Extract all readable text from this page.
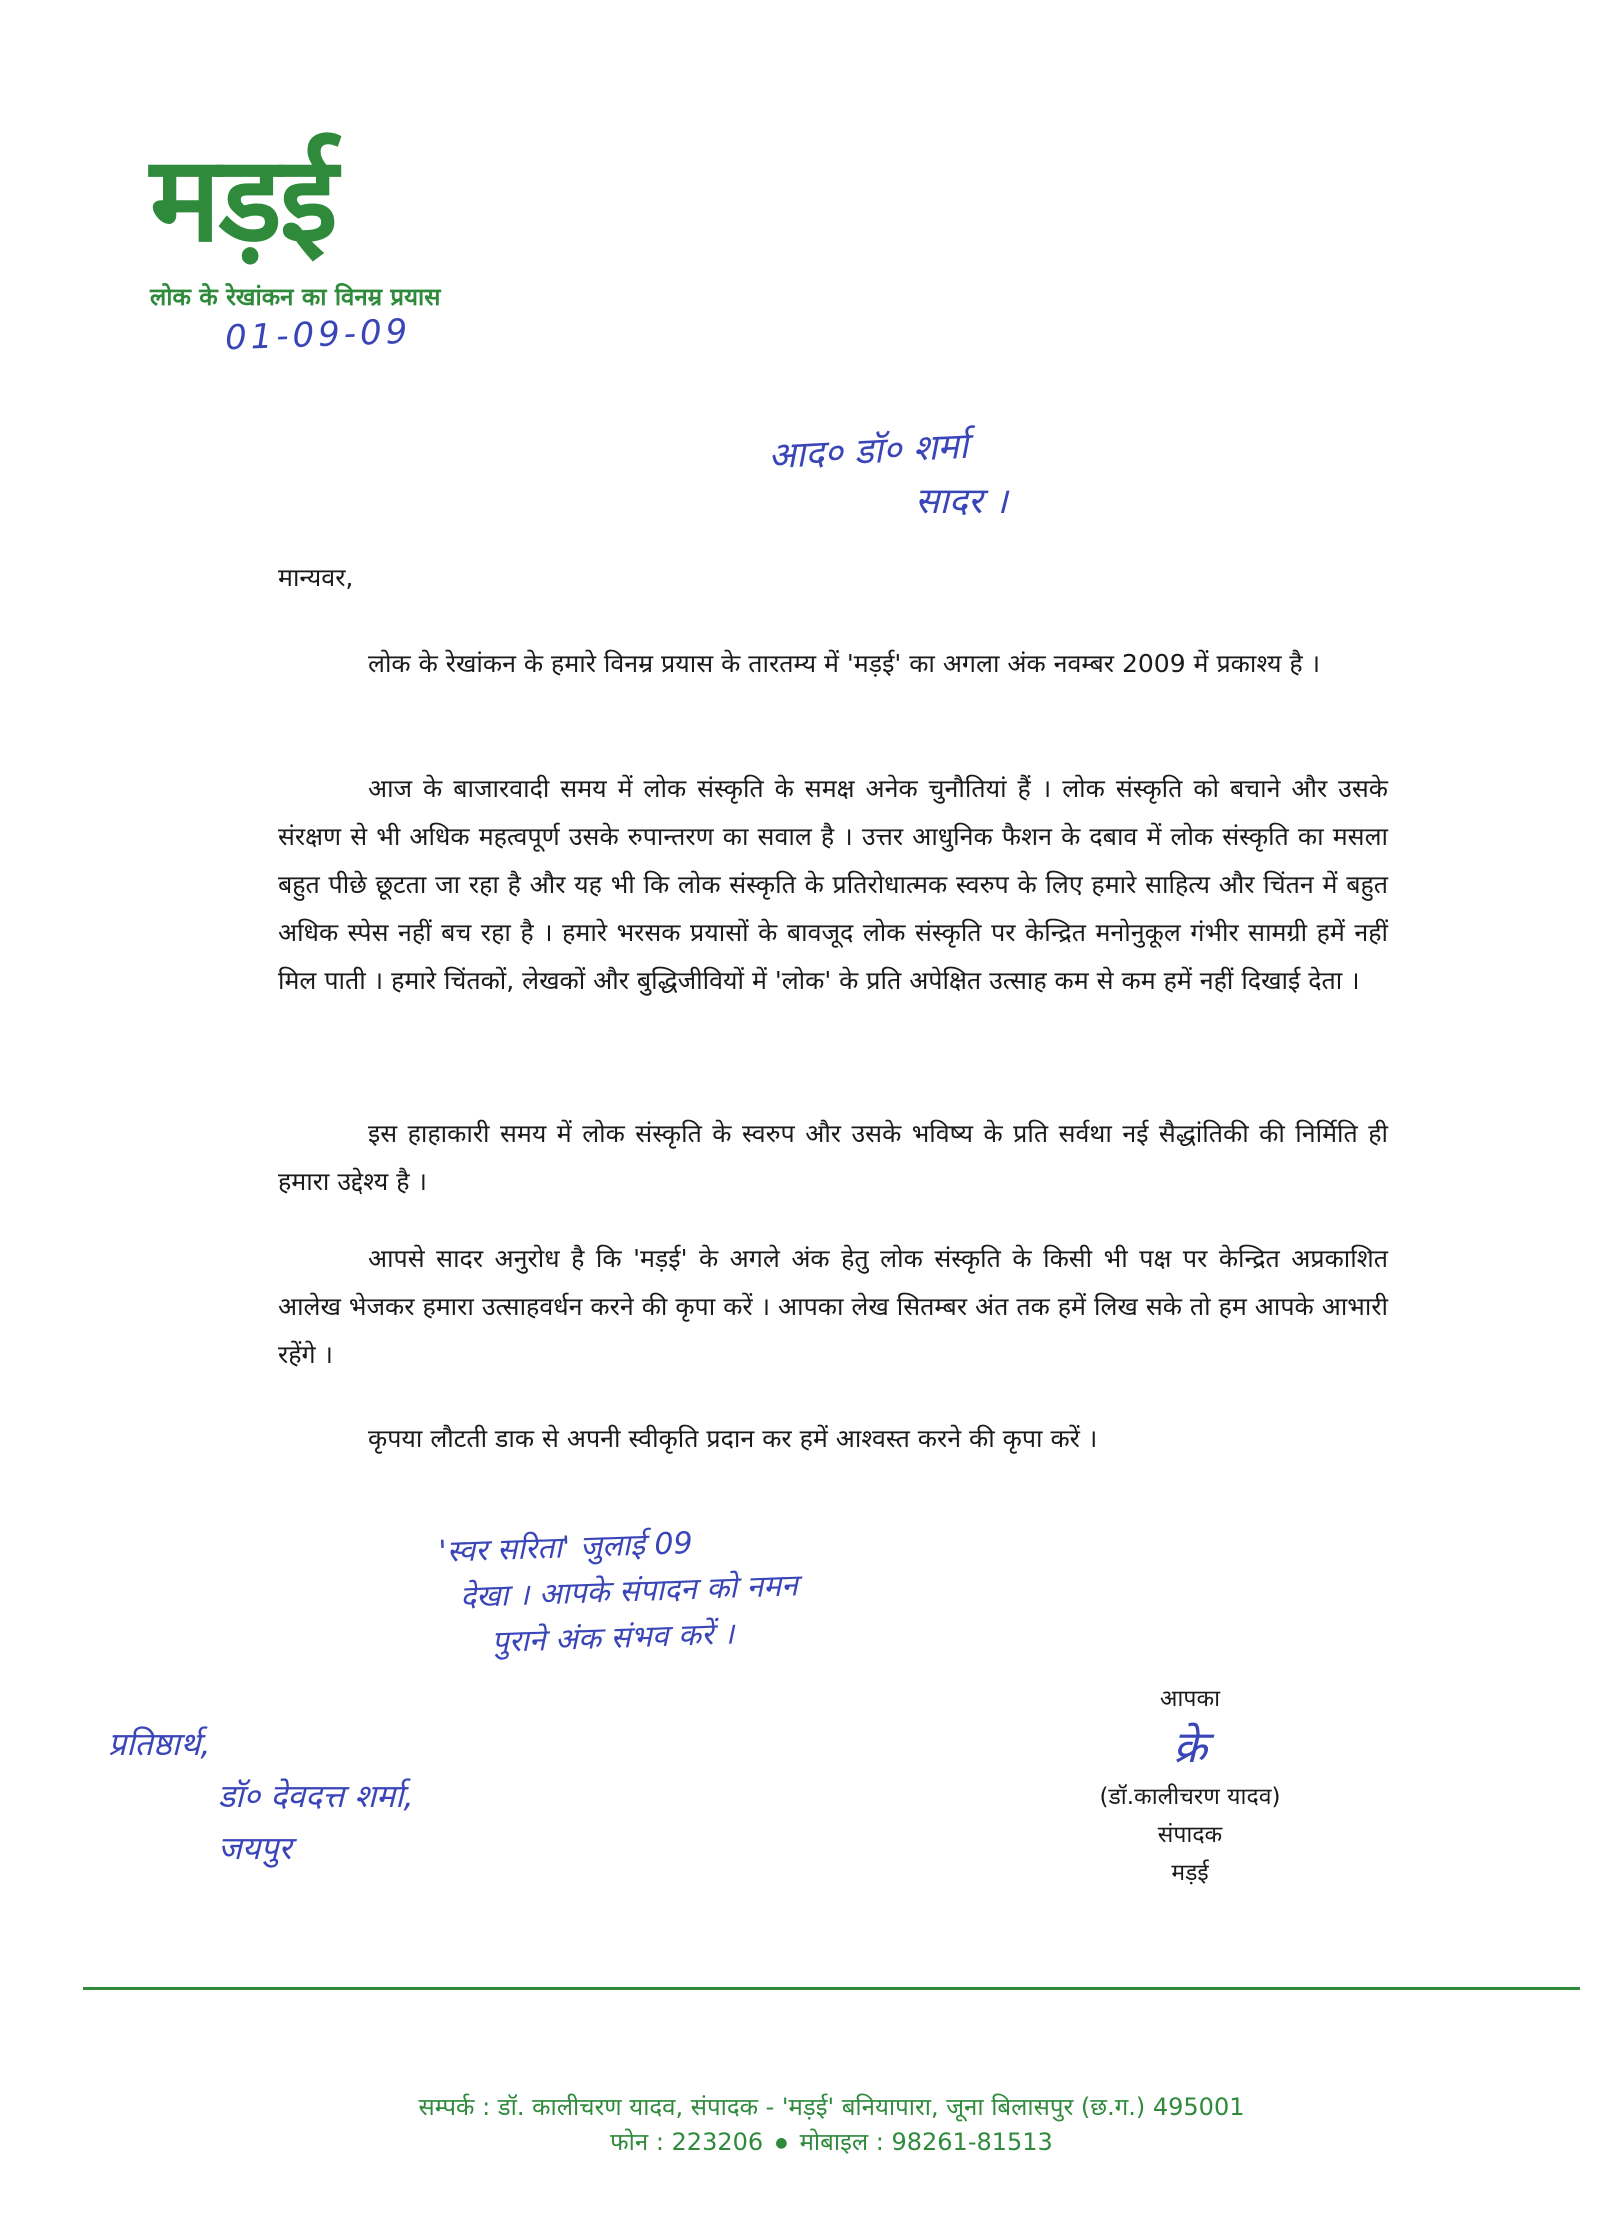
मड़ई
लोक के रेखांकन का विनम्र प्रयास
01-09-09
आद० डॉ० शर्मा
सादर ।
मान्यवर,

लोक के रेखांकन के हमारे विनम्र प्रयास के तारतम्य में 'मड़ई' का अगला अंक नवम्बर 2009 में प्रकाश्य है ।

आज के बाजारवादी समय में लोक संस्कृति के समक्ष अनेक चुनौतियां हैं । लोक संस्कृति को बचाने और उसके संरक्षण से भी अधिक महत्वपूर्ण उसके रुपान्तरण का सवाल है । उत्तर आधुनिक फैशन के दबाव में लोक संस्कृति का मसला बहुत पीछे छूटता जा रहा है और यह भी कि लोक संस्कृति के प्रतिरोधात्मक स्वरुप के लिए हमारे साहित्य और चिंतन में बहुत अधिक स्पेस नहीं बच रहा है । हमारे भरसक प्रयासों के बावजूद लोक संस्कृति पर केन्द्रित मनोनुकूल गंभीर सामग्री हमें नहीं मिल पाती । हमारे चिंतकों, लेखकों और बुद्धिजीवियों में 'लोक' के प्रति अपेक्षित उत्साह कम से कम हमें नहीं दिखाई देता ।

इस हाहाकारी समय में लोक संस्कृति के स्वरुप और उसके भविष्य के प्रति सर्वथा नई सैद्धांतिकी की निर्मिति ही हमारा उद्देश्य है ।

आपसे सादर अनुरोध है कि 'मड़ई' के अगले अंक हेतु लोक संस्कृति के किसी भी पक्ष पर केन्द्रित अप्रकाशित आलेख भेजकर हमारा उत्साहवर्धन करने की कृपा करें । आपका लेख सितम्बर अंत तक हमें लिख सके तो हम आपके आभारी रहेंगे ।

कृपया लौटती डाक से अपनी स्वीकृति प्रदान कर हमें आश्वस्त करने की कृपा करें ।

'स्वर सरिता' जुलाई 09
देखा । आपके संपादन को नमन
पुराने अंक संभव करें ।
प्रतिष्ठार्थ,
डॉ० देवदत्त शर्मा,
जयपुर
आपका
क्रे
(डॉ.कालीचरण यादव)
संपादक
मड़ई
सम्पर्क : डॉ. कालीचरण यादव, संपादक - 'मड़ई' बनियापारा, जूना बिलासपुर (छ.ग.) 495001
फोन : 223206  ●  मोबाइल : 98261-81513
